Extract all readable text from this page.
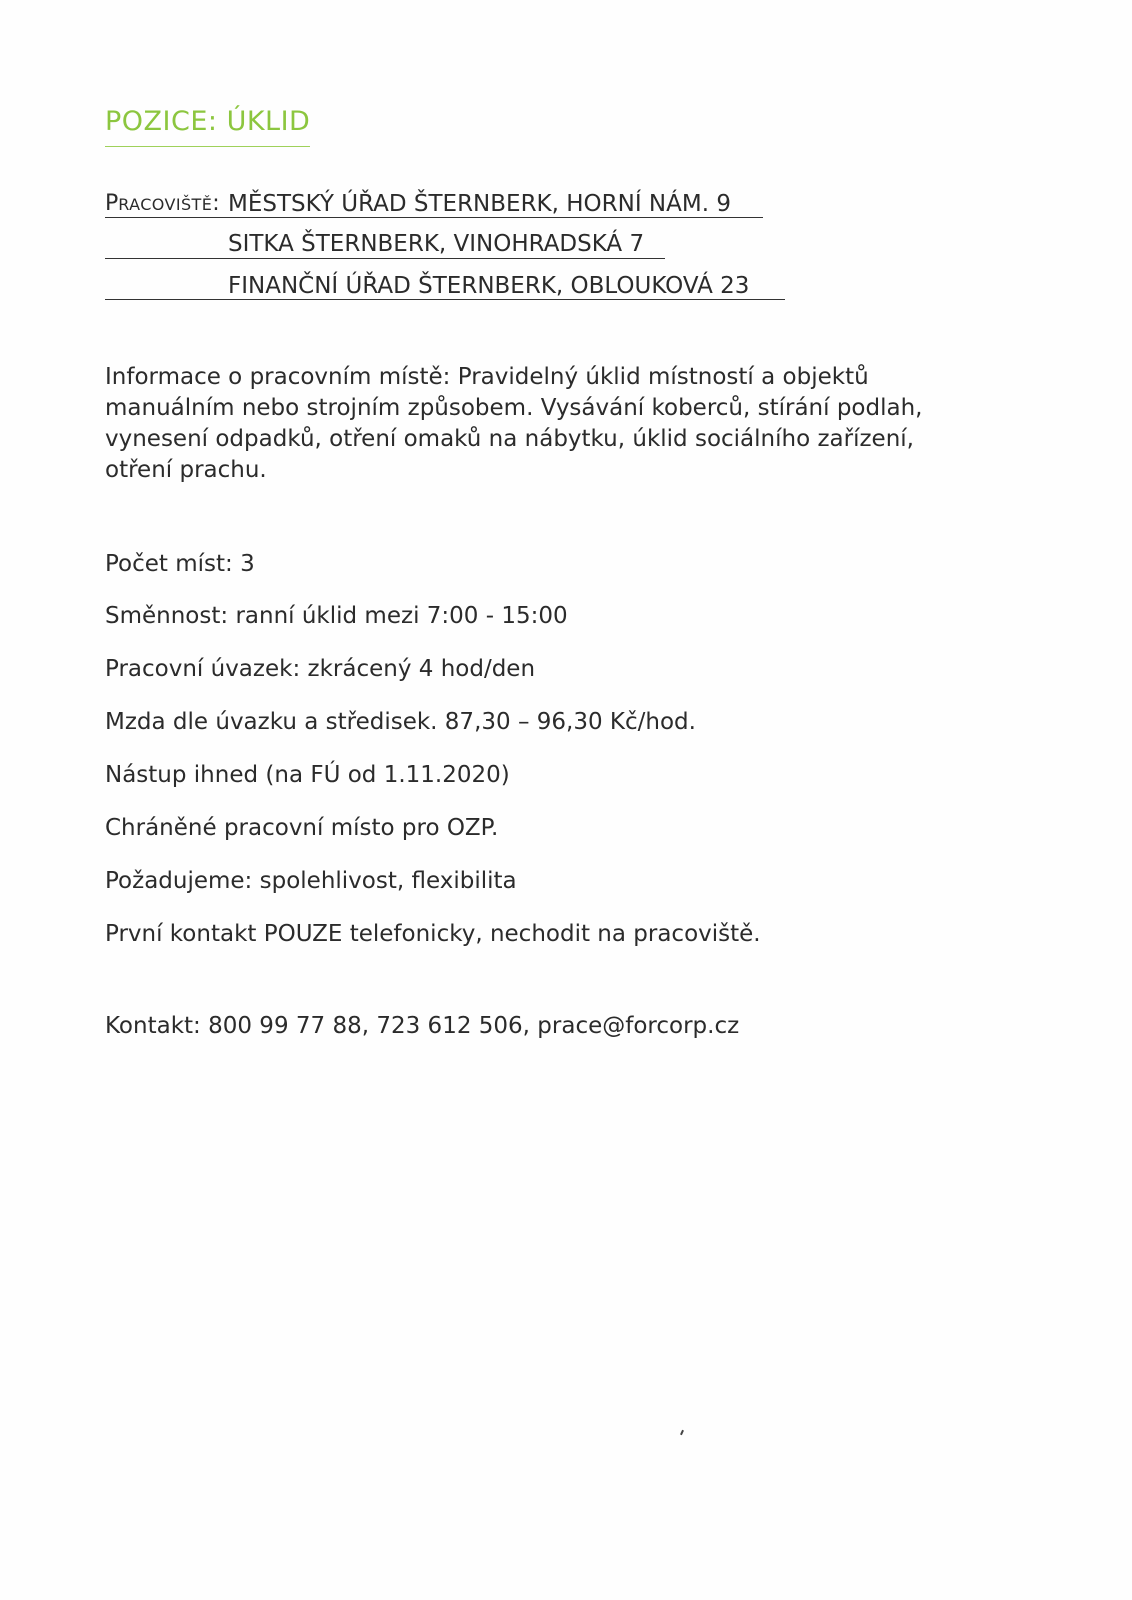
POZICE: ÚKLID
PRACOVIŠTĚ: MĚSTSKÝ ÚŘAD ŠTERNBERK, HORNÍ NÁM. 9
SITKA ŠTERNBERK, VINOHRADSKÁ 7
FINANČNÍ ÚŘAD ŠTERNBERK, OBLOUKOVÁ 23
Informace o pracovním místě: Pravidelný úklid místností a objektů manuálním nebo strojním způsobem. Vysávání koberců, stírání podlah, vynesení odpadků, otření omaků na nábytku, úklid sociálního zařízení, otření prachu.
Počet míst: 3
Směnnost: ranní úklid mezi 7:00 - 15:00
Pracovní úvazek: zkrácený 4 hod/den
Mzda dle úvazku a středisek. 87,30 – 96,30 Kč/hod.
Nástup ihned (na FÚ od 1.11.2020)
Chráněné pracovní místo pro OZP.
Požadujeme: spolehlivost, flexibilita
První kontakt POUZE telefonicky, nechodit na pracoviště.
Kontakt: 800 99 77 88, 723 612 506, prace@forcorp.cz
